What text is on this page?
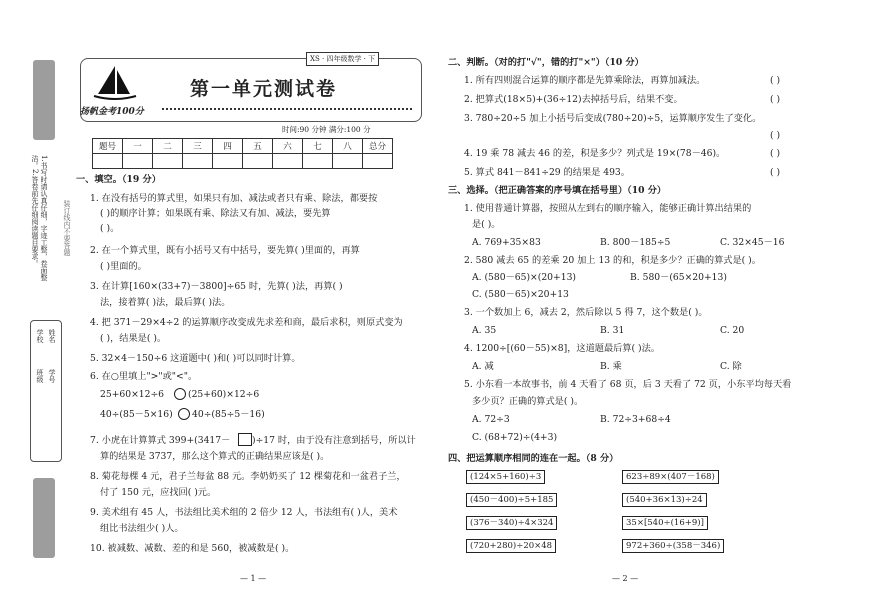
1.书写时请认真仔细，字迹工整，卷面整洁。2.答卷前先仔细阅读题目要求。
学校
班级
姓名
学号
装订线内不要答题
扬帆金考100分
XS · 四年级数学 · 下
第一单元测试卷
时间:90 分钟 满分:100 分
题号	一	二	三	四	五	六	七	八	总分

一、填空。（19 分）
1. 在没有括号的算式里，如果只有加、减法或者只有乘、除法，都要按
( )的顺序计算；如果既有乘、除法又有加、减法，要先算
( )。
2. 在一个算式里，既有小括号又有中括号，要先算( )里面的，再算
( )里面的。
3. 在计算[160×(33+7)－3800]÷65 时，先算( )法，再算( )
法，接着算( )法，最后算( )法。
4. 把 371－29×4÷2 的运算顺序改变成先求差和商，最后求积，则原式变为
( )，结果是( )。
5. 32×4－150÷6 这道题中( )和( )可以同时计算。
6. 在○里填上">"或"<"。
25+60×12÷6	(25+60)×12÷6
40÷(85－5×16) 40÷(85÷5－16)
7. 小虎在计算算式 399+(3417－ )÷17 时，由于没有注意到括号，所以计
算的结果是 3737，那么这个算式的正确结果应该是( )。
8. 菊花每棵 4 元，君子兰每盆 88 元。李奶奶买了 12 棵菊花和一盆君子兰，
付了 150 元，应找回( )元。
9. 美术组有 45 人，书法组比美术组的 2 倍少 12 人，书法组有( )人，美术
组比书法组少( )人。
10. 被减数、减数、差的和是 560，被减数是( )。
— 1 —
二、判断。（对的打"√"，错的打"×"）（10 分）
1. 所有四则混合运算的顺序都是先算乘除法，再算加减法。	( )
2. 把算式(18×5)+(36÷12)去掉括号后，结果不变。	( )
3. 780÷20÷5 加上小括号后变成(780÷20)÷5，运算顺序发生了变化。
( )
4. 19 乘 78 减去 46 的差，积是多少？列式是 19×(78－46)。	( )
5. 算式 841－841÷29 的结果是 493。	( )
三、选择。（把正确答案的序号填在括号里）（10 分）
1. 使用普通计算器，按照从左到右的顺序输入，能够正确计算出结果的
是( )。
A. 769+35×83	B. 800－185÷5	C. 32×45－16
2. 580 减去 65 的差乘 20 加上 13 的和，积是多少？正确的算式是( )。
A. (580－65)×(20+13)	B. 580－(65×20+13)
C. (580－65)×20+13
3. 一个数加上 6，减去 2，然后除以 5 得 7，这个数是( )。
A. 35	B. 31	C. 20
4. 1200÷[(60－55)×8]，这道题最后算( )法。
A. 减	B. 乘	C. 除
5. 小东看一本故事书，前 4 天看了 68 页，后 3 天看了 72 页，小东平均每天看
多少页？正确的算式是( )。
A. 72÷3	B. 72÷3+68÷4
C. (68+72)÷(4+3)
四、把运算顺序相同的连在一起。（8 分）
(124×5+160)÷3
(450－400)÷5+185
(376－340)÷4×324
(720+280)÷20×48
623÷89×(407－168)
(540+36×13)÷24
35×[540÷(16+9)]
972+360÷(358－346)
— 2 —
